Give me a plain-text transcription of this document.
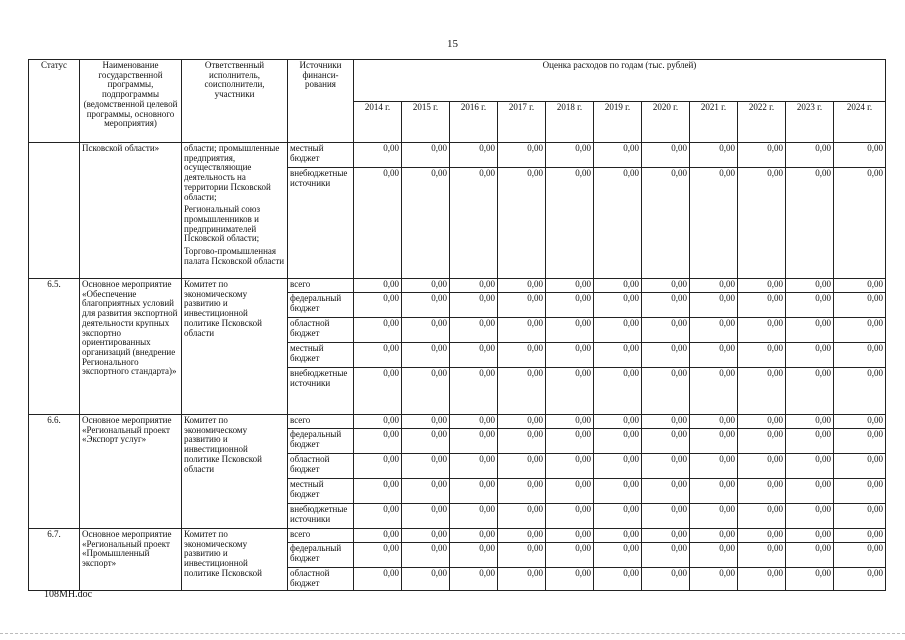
15
Статус	Наименование государственной программы, подпрограммы (ведомственной целевой программы, основного мероприятия)	Ответственный исполнитель, соисполнители, участники	Источники финанси-рования	Оценка расходов по годам (тыс. рублей)										
				2014 г.	2015 г.	2016 г.	2017 г.	2018 г.	2019 г.	2020 г.	2021 г.	2022 г.	2023 г.	2024 г.
	Псковской области»	области; промышленные предприятия, осуществляющие деятельность на территории Псковской области;
Региональный союз промышленников и предпринимателей Псковской области;
Торгово-промышленная палата Псковской области	местный бюджет	0,00	0,00	0,00	0,00	0,00	0,00	0,00	0,00	0,00	0,00	0,00
			внебюджетные источники	0,00	0,00	0,00	0,00	0,00	0,00	0,00	0,00	0,00	0,00	0,00
6.5.	Основное мероприятие «Обеспечение благоприятных условий для развития экспортной деятельности крупных экспортно ориентированных организаций (внедрение Регионального экспортного стандарта)»	Комитет по экономическому развитию и инвестиционной политике Псковской области	всего	0,00	0,00	0,00	0,00	0,00	0,00	0,00	0,00	0,00	0,00	0,00
			федеральный бюджет	0,00	0,00	0,00	0,00	0,00	0,00	0,00	0,00	0,00	0,00	0,00
			областной бюджет	0,00	0,00	0,00	0,00	0,00	0,00	0,00	0,00	0,00	0,00	0,00
			местный бюджет	0,00	0,00	0,00	0,00	0,00	0,00	0,00	0,00	0,00	0,00	0,00
			внебюджетные источники	0,00	0,00	0,00	0,00	0,00	0,00	0,00	0,00	0,00	0,00	0,00
6.6.	Основное мероприятие «Региональный проект «Экспорт услуг»	Комитет по экономическому развитию и инвестиционной политике Псковской области	всего	0,00	0,00	0,00	0,00	0,00	0,00	0,00	0,00	0,00	0,00	0,00
			федеральный бюджет	0,00	0,00	0,00	0,00	0,00	0,00	0,00	0,00	0,00	0,00	0,00
			областной бюджет	0,00	0,00	0,00	0,00	0,00	0,00	0,00	0,00	0,00	0,00	0,00
			местный бюджет	0,00	0,00	0,00	0,00	0,00	0,00	0,00	0,00	0,00	0,00	0,00
			внебюджетные источники	0,00	0,00	0,00	0,00	0,00	0,00	0,00	0,00	0,00	0,00	0,00
6.7.	Основное мероприятие «Региональный проект «Промышленный экспорт»	Комитет по экономическому развитию и инвестиционной политике Псковской	всего	0,00	0,00	0,00	0,00	0,00	0,00	0,00	0,00	0,00	0,00	0,00
			федеральный бюджет	0,00	0,00	0,00	0,00	0,00	0,00	0,00	0,00	0,00	0,00	0,00
			областной бюджет	0,00	0,00	0,00	0,00	0,00	0,00	0,00	0,00	0,00	0,00	0,00
108МН.doc
